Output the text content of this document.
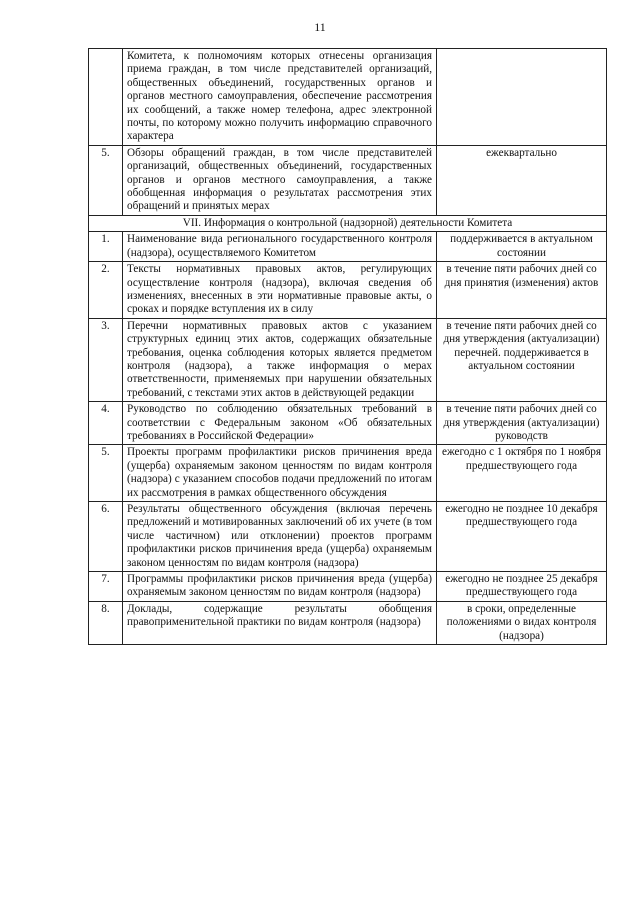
11
	Комитета, к полномочиям которых отнесены организация приема граждан, в том числе представителей организаций, общественных объединений, государственных органов и органов местного самоуправления, обеспечение рассмотрения их сообщений, а также номер телефона, адрес электронной почты, по которому можно получить информацию справочного характера	
5.	Обзоры обращений граждан, в том числе представителей организаций, общественных объединений, государственных органов и органов местного самоуправления, а также обобщенная информация о результатах рассмотрения этих обращений и принятых мерах	ежеквартально
VII. Информация о контрольной (надзорной) деятельности Комитета		
1.	Наименование вида регионального государственного контроля (надзора), осуществляемого Комитетом	поддерживается в актуальном состоянии
2.	Тексты нормативных правовых актов, регулирующих осуществление контроля (надзора), включая сведения об изменениях, внесенных в эти нормативные правовые акты, о сроках и порядке вступления их в силу	в течение пяти рабочих дней со дня принятия (изменения) актов
3.	Перечни нормативных правовых актов с указанием структурных единиц этих актов, содержащих обязательные требования, оценка соблюдения которых является предметом контроля (надзора), а также информация о мерах ответственности, применяемых при нарушении обязательных требований, с текстами этих актов в действующей редакции	в течение пяти рабочих дней со дня утверждения (актуализации) перечней. поддерживается в актуальном состоянии
4.	Руководство по соблюдению обязательных требований в соответствии с Федеральным законом «Об обязательных требованиях в Российской Федерации»	в течение пяти рабочих дней со дня утверждения (актуализации) руководств
5.	Проекты программ профилактики рисков причинения вреда (ущерба) охраняемым законом ценностям по видам контроля (надзора) с указанием способов подачи предложений по итогам их рассмотрения в рамках общественного обсуждения	ежегодно с 1 октября по 1 ноября предшествующего года
6.	Результаты общественного обсуждения (включая перечень предложений и мотивированных заключений об их учете (в том числе частичном) или отклонении) проектов программ профилактики рисков причинения вреда (ущерба) охраняемым законом ценностям по видам контроля (надзора)	ежегодно не позднее 10 декабря предшествующего года
7.	Программы профилактики рисков причинения вреда (ущерба) охраняемым законом ценностям по видам контроля (надзора)	ежегодно не позднее 25 декабря предшествующего года
8.	Доклады, содержащие результаты обобщения правоприменительной практики по видам контроля (надзора)	в сроки, определенные положениями о видах контроля (надзора)
